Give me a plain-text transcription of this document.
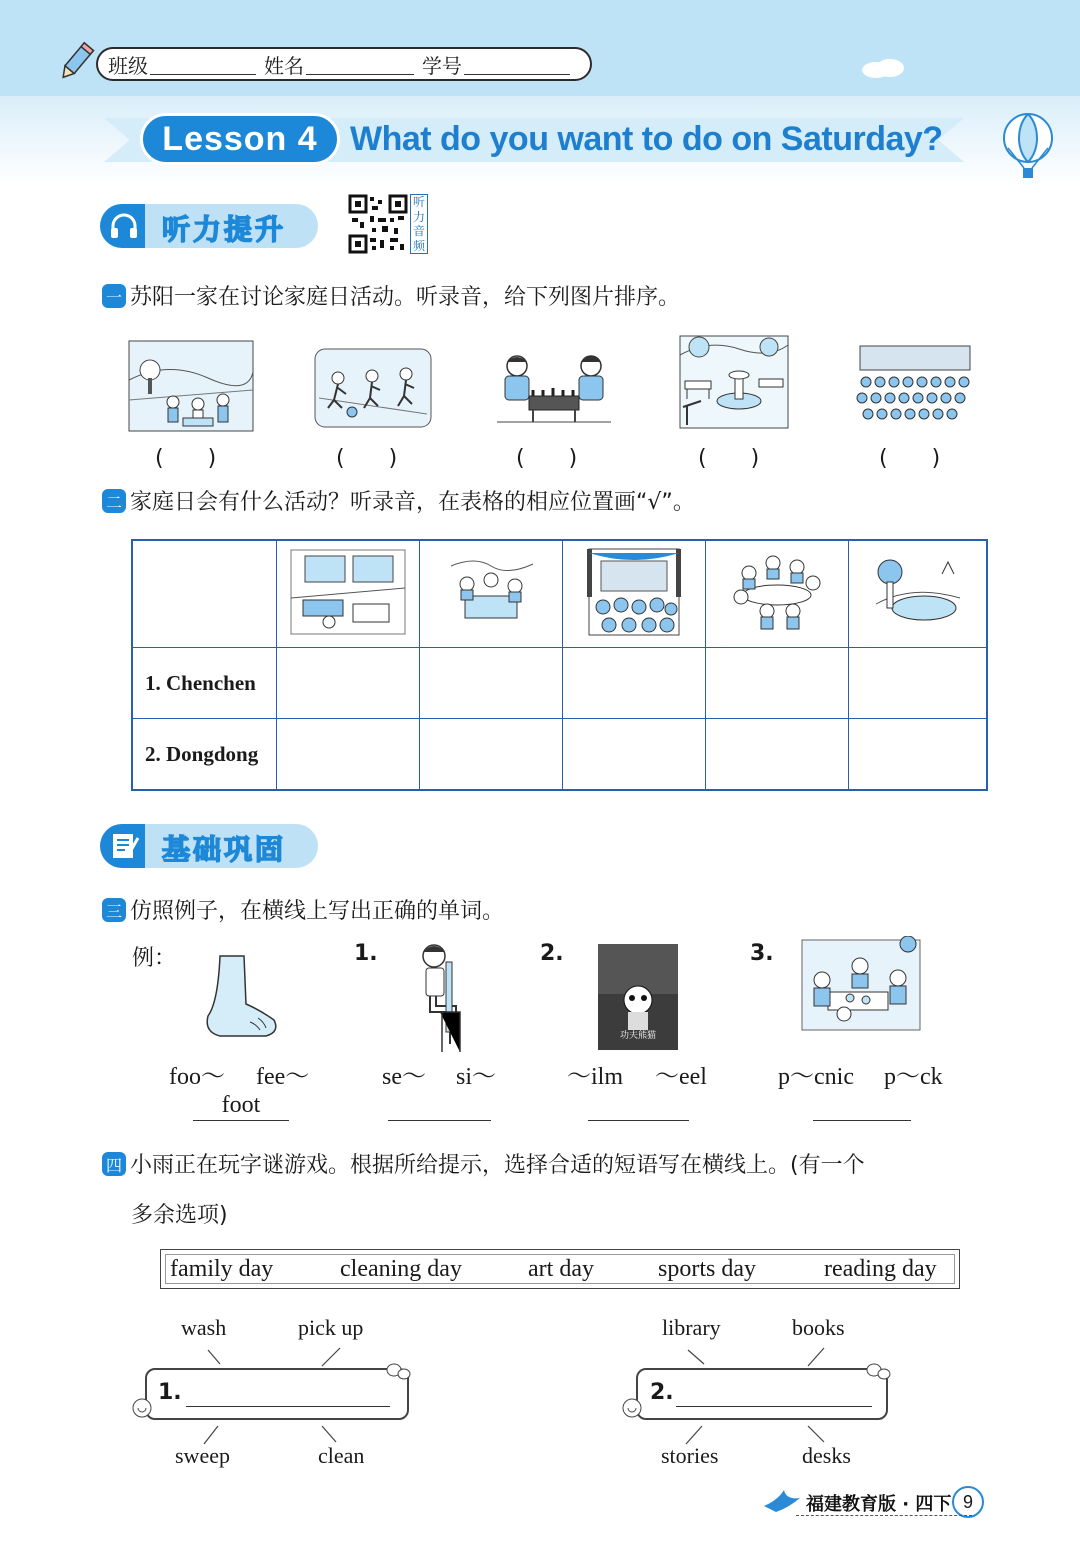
班级	姓名	学号
Lesson 4 What do you want to do on Saturday?
听力提升
听
力
音
频
一 苏阳一家在讨论家庭日活动。听录音，给下列图片排序。
(　　)	(　　)	(　　)	(　　)	(　　)
二 家庭日会有什么活动？听录音，在表格的相应位置画“√”。

1. Chenchen					
2. Dongdong					
基础巩固
三 仿照例子，在横线上写出正确的单词。
例：	1.	2.
功夫熊猫
3.
foo～ fee～	se～ si～	～ilm ～eel	p～cnic p～ck
foot
四 小雨正在玩字谜游戏。根据所给提示，选择合适的短语写在横线上。(有一个
多余选项)
family day	cleaning day	art day	sports day	reading day
wash	pick up
1.
sweep	clean
library	books
2.
stories	desks
福建教育版 · 四下 9
